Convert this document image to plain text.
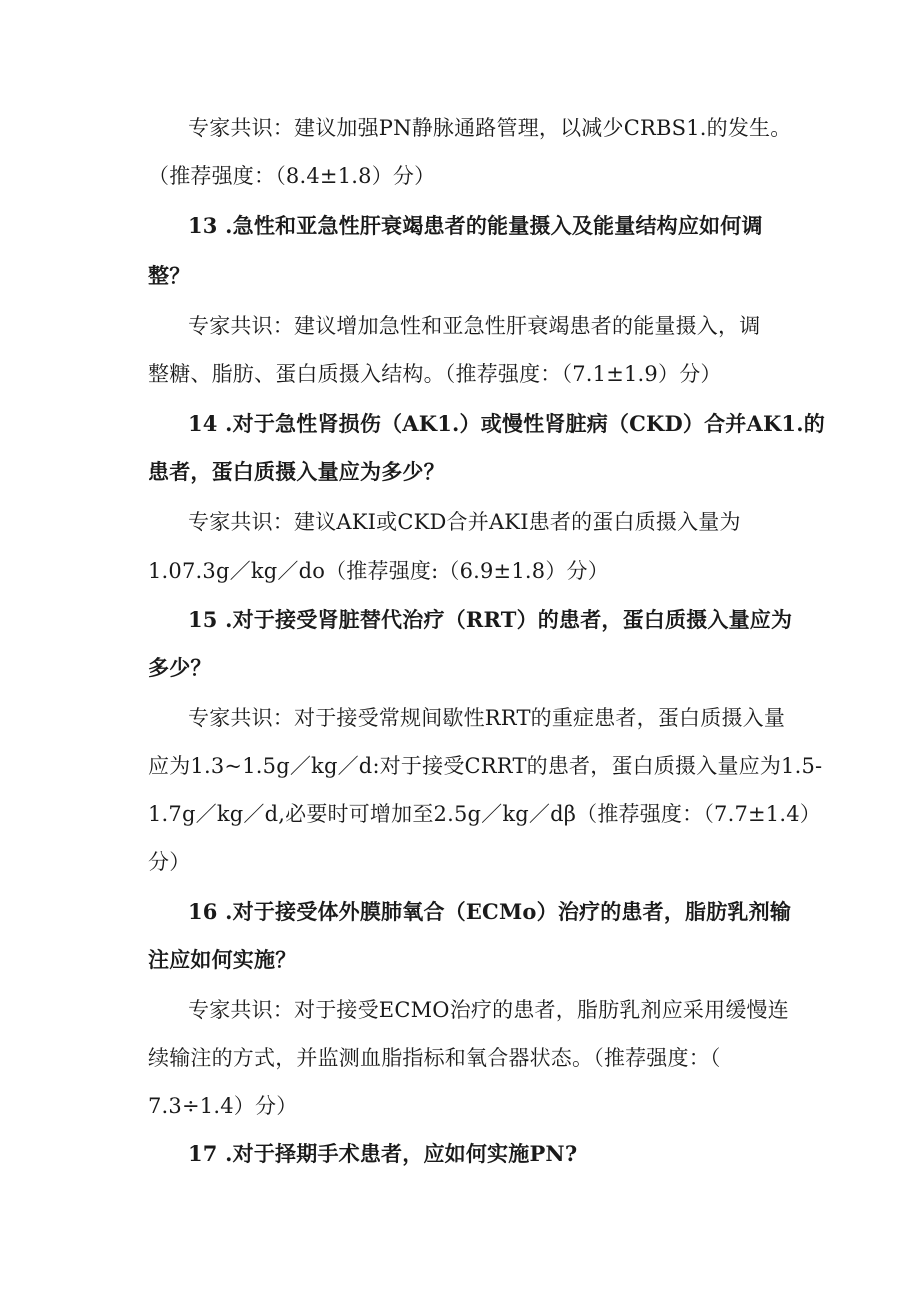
专家共识：建议加强PN静脉通路管理，以减少CRBS1.的发生。
（推荐强度：（8.4±1.8）分）
13 .急性和亚急性肝衰竭患者的能量摄入及能量结构应如何调
整？
专家共识：建议增加急性和亚急性肝衰竭患者的能量摄入，调
整糖、脂肪、蛋白质摄入结构。（推荐强度：（7.1±1.9）分）
14 .对于急性肾损伤（AK1.）或慢性肾脏病（CKD）合并AK1.的
患者，蛋白质摄入量应为多少？
专家共识：建议AKI或CKD合并AKI患者的蛋白质摄入量为
1.07.3g／kg／do（推荐强度:（6.9±1.8）分）
15 .对于接受肾脏替代治疗（RRT）的患者，蛋白质摄入量应为
多少？
专家共识：对于接受常规间歇性RRT的重症患者，蛋白质摄入量
应为1.3~1.5g／kg／d:对于接受CRRT的患者，蛋白质摄入量应为1.5-
1.7g／kg／d,必要时可增加至2.5g／kg／dβ（推荐强度：（7.7±1.4）
分）
16 .对于接受体外膜肺氧合（ECMo）治疗的患者，脂肪乳剂输
注应如何实施？
专家共识：对于接受ECMO治疗的患者，脂肪乳剂应采用缓慢连
续输注的方式，并监测血脂指标和氧合器状态。（推荐强度：（
7.3÷1.4）分）
17 .对于择期手术患者，应如何实施PN?
